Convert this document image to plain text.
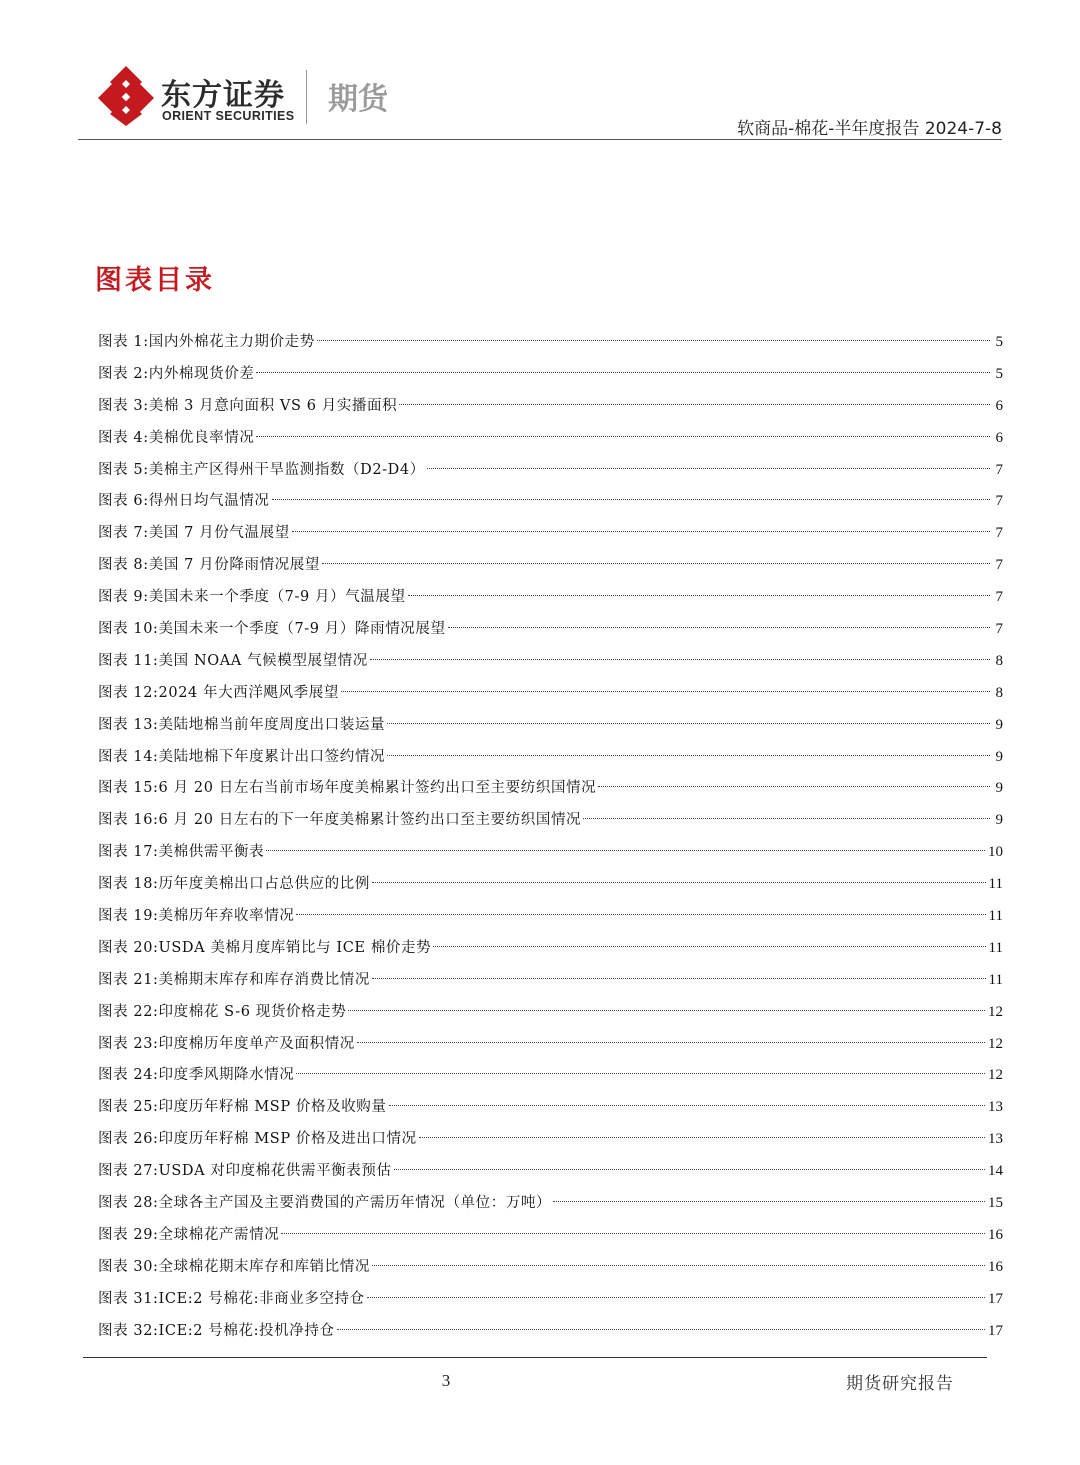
东方证券
ORIENT SECURITIES 期货
软商品-棉花-半年度报告 2024-7-8
图表目录
图表 1: 国内外棉花主力期价走势	5
图表 2: 内外棉现货价差	5
图表 3: 美棉 3 月意向面积 VS 6 月实播面积	6
图表 4: 美棉优良率情况	6
图表 5: 美棉主产区得州干旱监测指数（D2-D4）	7
图表 6: 得州日均气温情况	7
图表 7: 美国 7 月份气温展望	7
图表 8: 美国 7 月份降雨情况展望	7
图表 9: 美国未来一个季度（7-9 月）气温展望	7
图表 10: 美国未来一个季度（7-9 月）降雨情况展望	7
图表 11: 美国 NOAA 气候模型展望情况	8
图表 12: 2024 年大西洋飓风季展望	8
图表 13: 美陆地棉当前年度周度出口装运量	9
图表 14: 美陆地棉下年度累计出口签约情况	9
图表 15: 6 月 20 日左右当前市场年度美棉累计签约出口至主要纺织国情况	9
图表 16: 6 月 20 日左右的下一年度美棉累计签约出口至主要纺织国情况	9
图表 17: 美棉供需平衡表	10
图表 18: 历年度美棉出口占总供应的比例	11
图表 19: 美棉历年弃收率情况	11
图表 20: USDA 美棉月度库销比与 ICE 棉价走势	11
图表 21: 美棉期末库存和库存消费比情况	11
图表 22: 印度棉花 S-6 现货价格走势	12
图表 23: 印度棉历年度单产及面积情况	12
图表 24: 印度季风期降水情况	12
图表 25: 印度历年籽棉 MSP 价格及收购量	13
图表 26: 印度历年籽棉 MSP 价格及进出口情况	13
图表 27: USDA 对印度棉花供需平衡表预估	14
图表 28: 全球各主产国及主要消费国的产需历年情况（单位：万吨）	15
图表 29: 全球棉花产需情况	16
图表 30: 全球棉花期末库存和库销比情况	16
图表 31: ICE:2 号棉花:非商业多空持仓	17
图表 32: ICE:2 号棉花:投机净持仓	17
3	期货研究报告
